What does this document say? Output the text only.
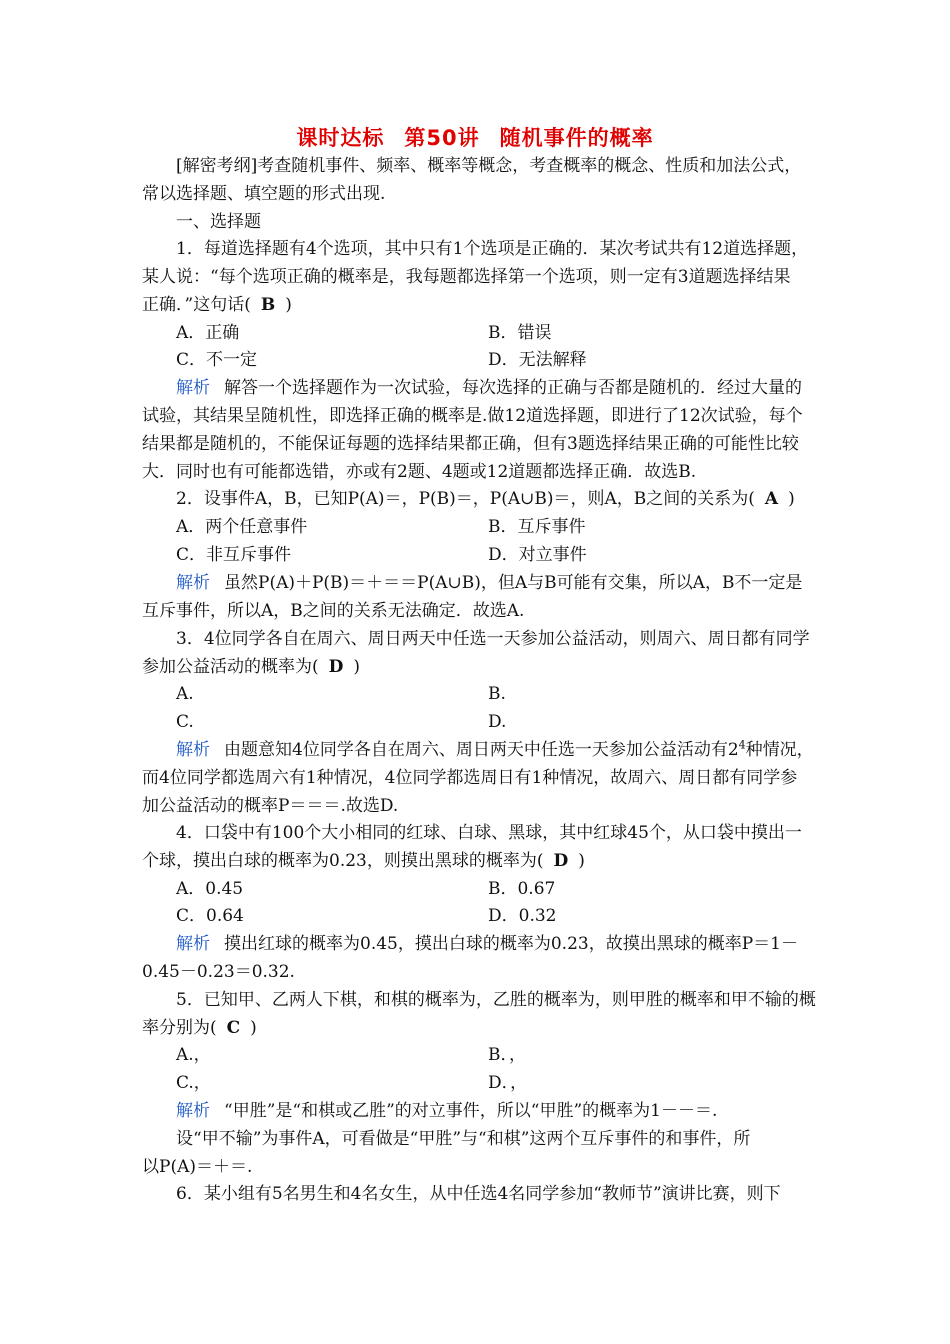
课时达标 第50讲 随机事件的概率
[解密考纲]考查随机事件、频率、概率等概念，考查概率的概念、性质和加法公式，
常以选择题、填空题的形式出现.
一、选择题
1．每道选择题有4个选项，其中只有1个选项是正确的．某次考试共有12道选择题，
某人说：“每个选项正确的概率是，我每题都选择第一个选项，则一定有3道题选择结果
正确．”这句话( B )
A．正确	B．错误
C．不一定	D．无法解释
解析 解答一个选择题作为一次试验，每次选择的正确与否都是随机的．经过大量的
试验，其结果呈随机性，即选择正确的概率是.做12道选择题，即进行了12次试验，每个
结果都是随机的，不能保证每题的选择结果都正确，但有3题选择结果正确的可能性比较
大．同时也有可能都选错，亦或有2题、4题或12道题都选择正确．故选B.
2．设事件A，B，已知P(A)＝，P(B)＝，P(A∪B)＝，则A，B之间的关系为( A )
A．两个任意事件	B．互斥事件
C．非互斥事件	D．对立事件
解析 虽然P(A)＋P(B)＝＋＝＝P(A∪B)，但A与B可能有交集，所以A，B不一定是
互斥事件，所以A，B之间的关系无法确定．故选A.
3．4位同学各自在周六、周日两天中任选一天参加公益活动，则周六、周日都有同学
参加公益活动的概率为( D )
A.	B.
C.	D.
解析 由题意知4位同学各自在周六、周日两天中任选一天参加公益活动有$2^4$种情况，
而4位同学都选周六有1种情况，4位同学都选周日有1种情况，故周六、周日都有同学参
加公益活动的概率P＝＝＝.故选D.
4．口袋中有100个大小相同的红球、白球、黑球，其中红球45个，从口袋中摸出一
个球，摸出白球的概率为0.23，则摸出黑球的概率为( D )
A．0.45	B．0.67
C．0.64	D．0.32
解析 摸出红球的概率为0.45，摸出白球的概率为0.23，故摸出黑球的概率P＝1－
0.45－0.23＝0.32.
5．已知甲、乙两人下棋，和棋的概率为，乙胜的概率为，则甲胜的概率和甲不输的概
率分别为( C )
A.，	B．，
C.，	D．，
解析 “甲胜”是“和棋或乙胜”的对立事件，所以“甲胜”的概率为1－－＝.
设“甲不输”为事件A，可看做是“甲胜”与“和棋”这两个互斥事件的和事件，所
以P(A)＝＋＝.
6．某小组有5名男生和4名女生，从中任选4名同学参加“教师节”演讲比赛，则下
